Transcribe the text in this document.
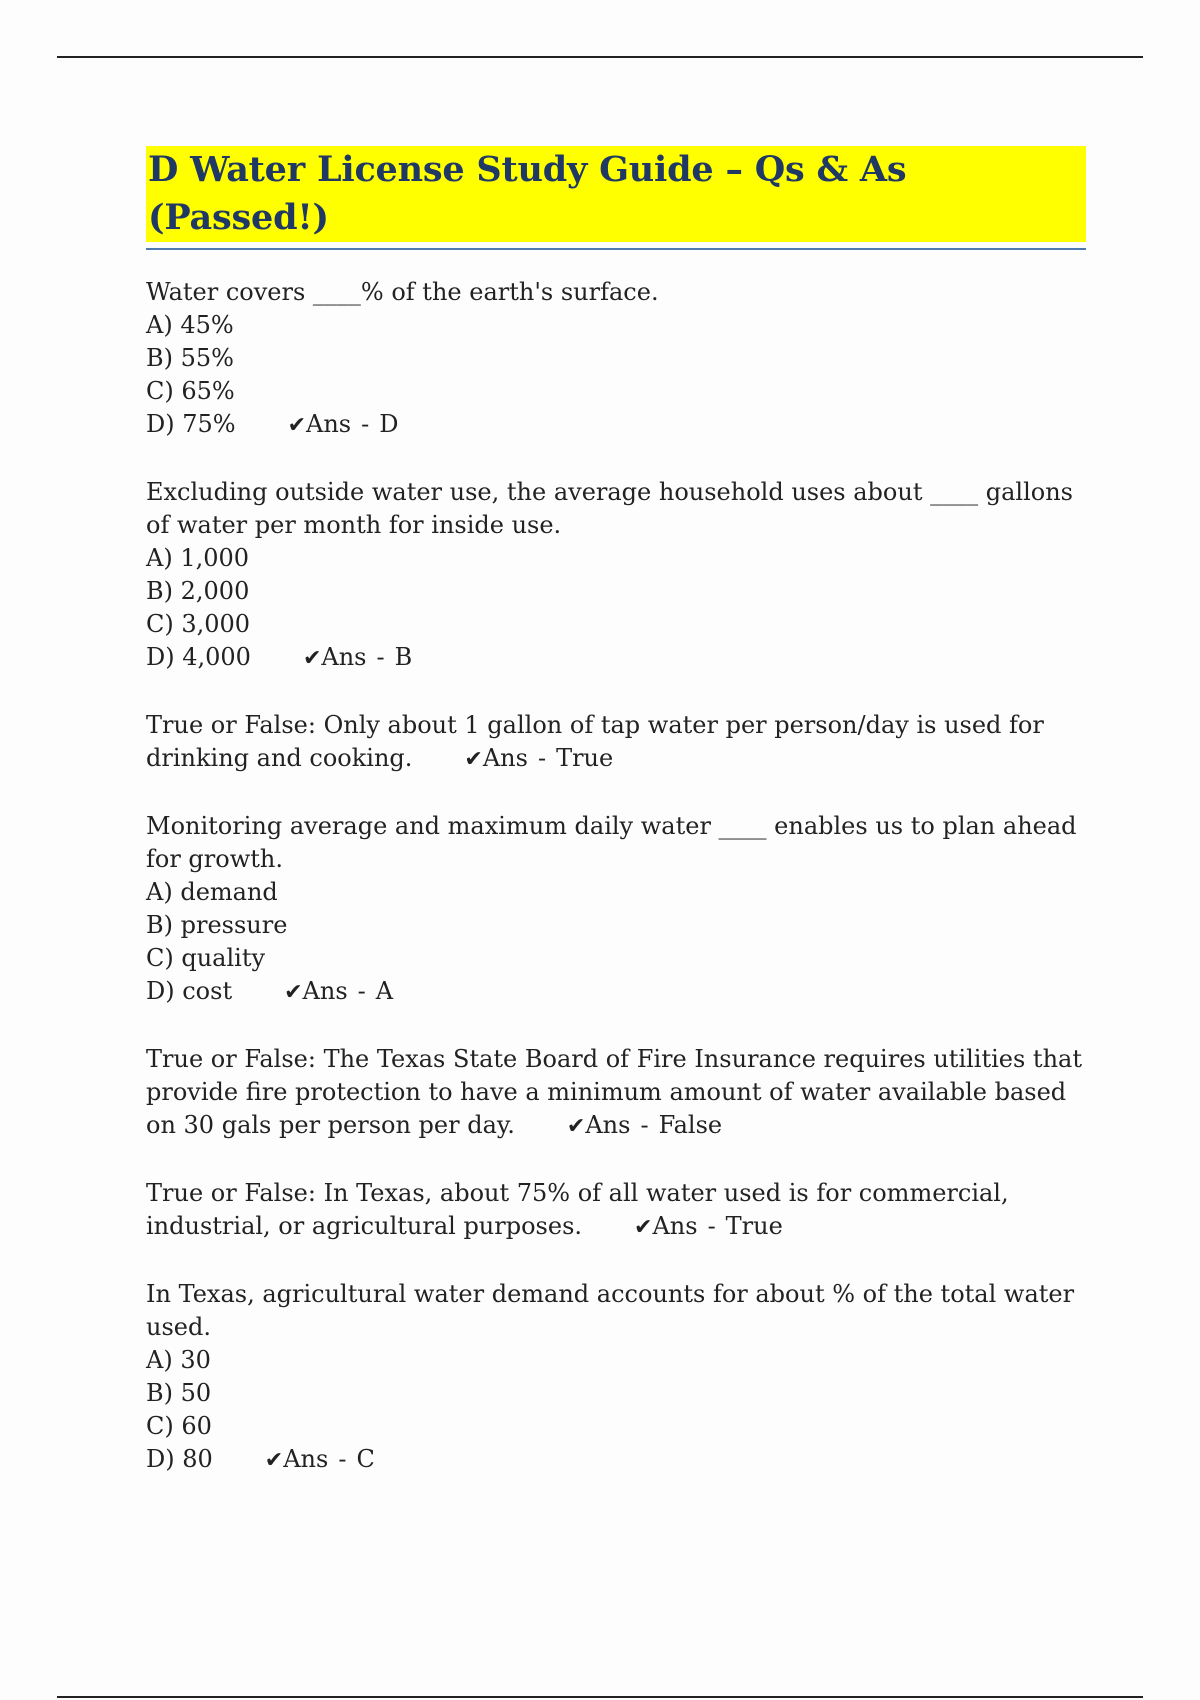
D Water License Study Guide – Qs & As (Passed!)
Water covers ____% of the earth's surface.
A) 45%
B) 55%
C) 65%
D) 75% ✔Ans - D
Excluding outside water use, the average household uses about ____ gallons of water per month for inside use.
A) 1,000
B) 2,000
C) 3,000
D) 4,000 ✔Ans - B
True or False: Only about 1 gallon of tap water per person/day is used for drinking and cooking. ✔Ans - True
Monitoring average and maximum daily water ____ enables us to plan ahead for growth.
A) demand
B) pressure
C) quality
D) cost ✔Ans - A
True or False: The Texas State Board of Fire Insurance requires utilities that provide fire protection to have a minimum amount of water available based on 30 gals per person per day. ✔Ans - False
True or False: In Texas, about 75% of all water used is for commercial, industrial, or agricultural purposes. ✔Ans - True
In Texas, agricultural water demand accounts for about % of the total water used.
A) 30
B) 50
C) 60
D) 80 ✔Ans - C
